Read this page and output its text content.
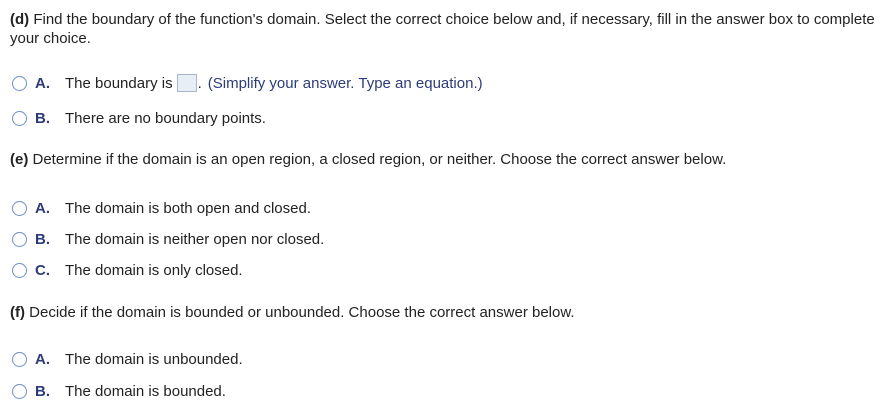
(d) Find the boundary of the function's domain. Select the correct choice below and, if necessary, fill in the answer box to complete your choice.
A.	The boundary is . (Simplify your answer. Type an equation.)
B.	There are no boundary points.
(e) Determine if the domain is an open region, a closed region, or neither. Choose the correct answer below.
A.	The domain is both open and closed.
B.	The domain is neither open nor closed.
C.	The domain is only closed.
(f) Decide if the domain is bounded or unbounded. Choose the correct answer below.
A.	The domain is unbounded.
B.	The domain is bounded.
